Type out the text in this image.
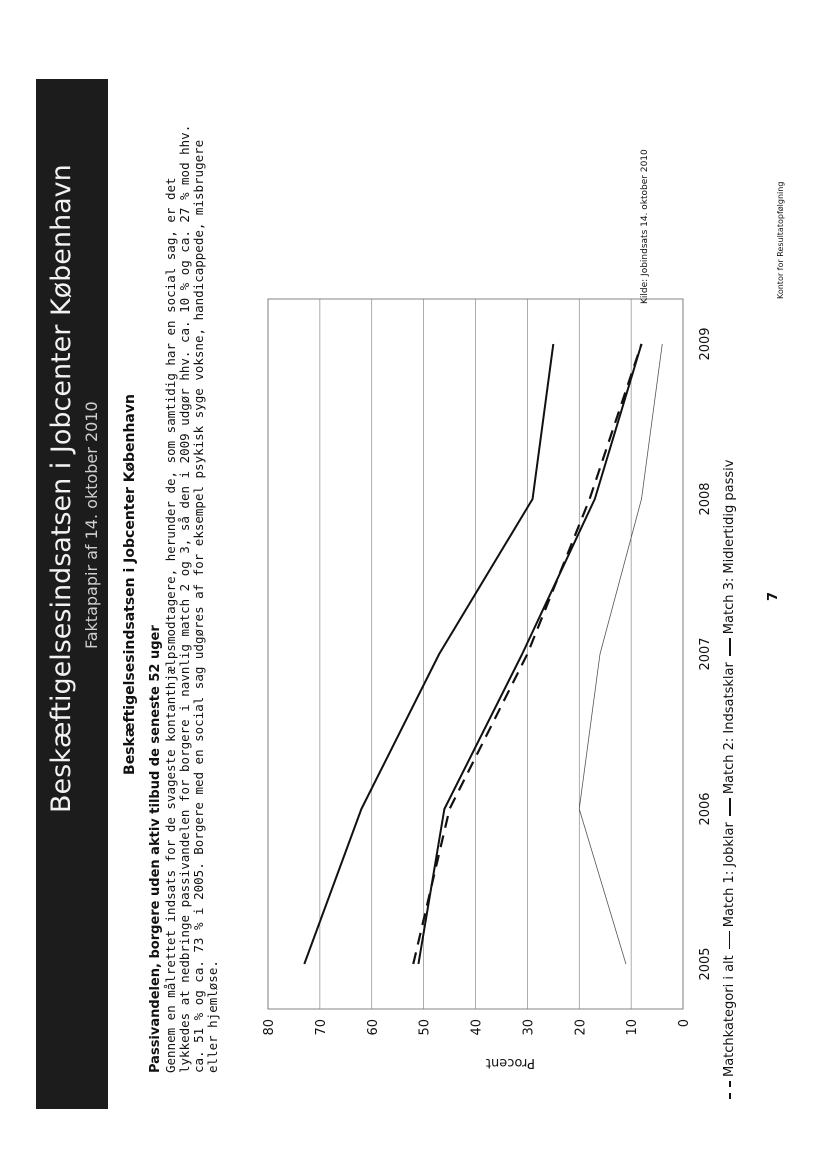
Beskæftigelsesindsatsen i Jobcenter København Faktapapir af 14. oktober 2010 Beskæftigelsesindsatsen i Jobcenter København
Passivandelen, borgere uden aktiv tilbud de seneste 52 uger Gennem en målrettet indsats for de svageste kontanthjælpsmodtagere, herunder de, som samtidig har en social sag, er det lykkedes at nedbringe passivandelen for borgere i navnlig match 2 og 3, så den i 2009 udgør hhv. ca. 10 % og ca. 27 % mod hhv. ca. 51 % og ca. 73 % i 2005. Borgere med en social sag udgøres af for eksempel psykisk syge voksne, handicappede, misbrugere eller hjemløse.	0
10
20
30
40
50
60
70
80
2005
2006
2007
2008
2009
Procent	Matchkategori i alt
Match 1: Jobklar
Match 2: Indsatsklar
Match 3: Midlertidig passiv 7
Kilde: Jobindsats 14. oktober 2010	Kontor for Resultatopfølgning
